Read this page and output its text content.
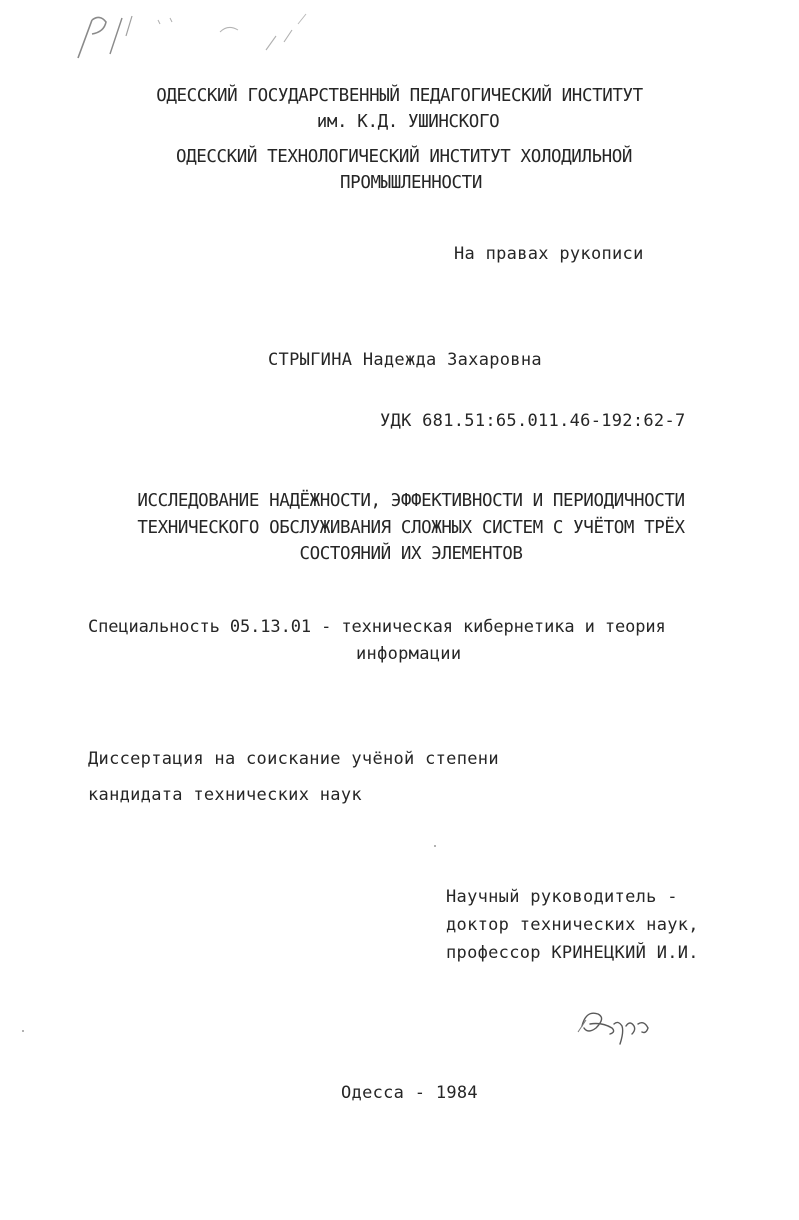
ОДЕССКИЙ ГОСУДАРСТВЕННЫЙ ПЕДАГОГИЧЕСКИЙ ИНСТИТУТ

им. К.Д. УШИНСКОГО

ОДЕССКИЙ ТЕХНОЛОГИЧЕСКИЙ ИНСТИТУТ ХОЛОДИЛЬНОЙ

ПРОМЫШЛЕННОСТИ

На правах рукописи

СТРЫГИНА Надежда Захаровна

УДК 681.51:65.011.46-192:62-7

ИССЛЕДОВАНИЕ НАДЁЖНОСТИ, ЭФФЕКТИВНОСТИ И ПЕРИОДИЧНОСТИ

ТЕХНИЧЕСКОГО ОБСЛУЖИВАНИЯ СЛОЖНЫХ СИСТЕМ С УЧЁТОМ ТРЁХ

СОСТОЯНИЙ ИХ ЭЛЕМЕНТОВ

Специальность 05.13.01 - техническая кибернетика и теория

информации

Диссертация на соискание учёной степени

кандидата технических наук

Научный руководитель -

доктор технических наук,

профессор КРИНЕЦКИЙ И.И.

Одесса - 1984
